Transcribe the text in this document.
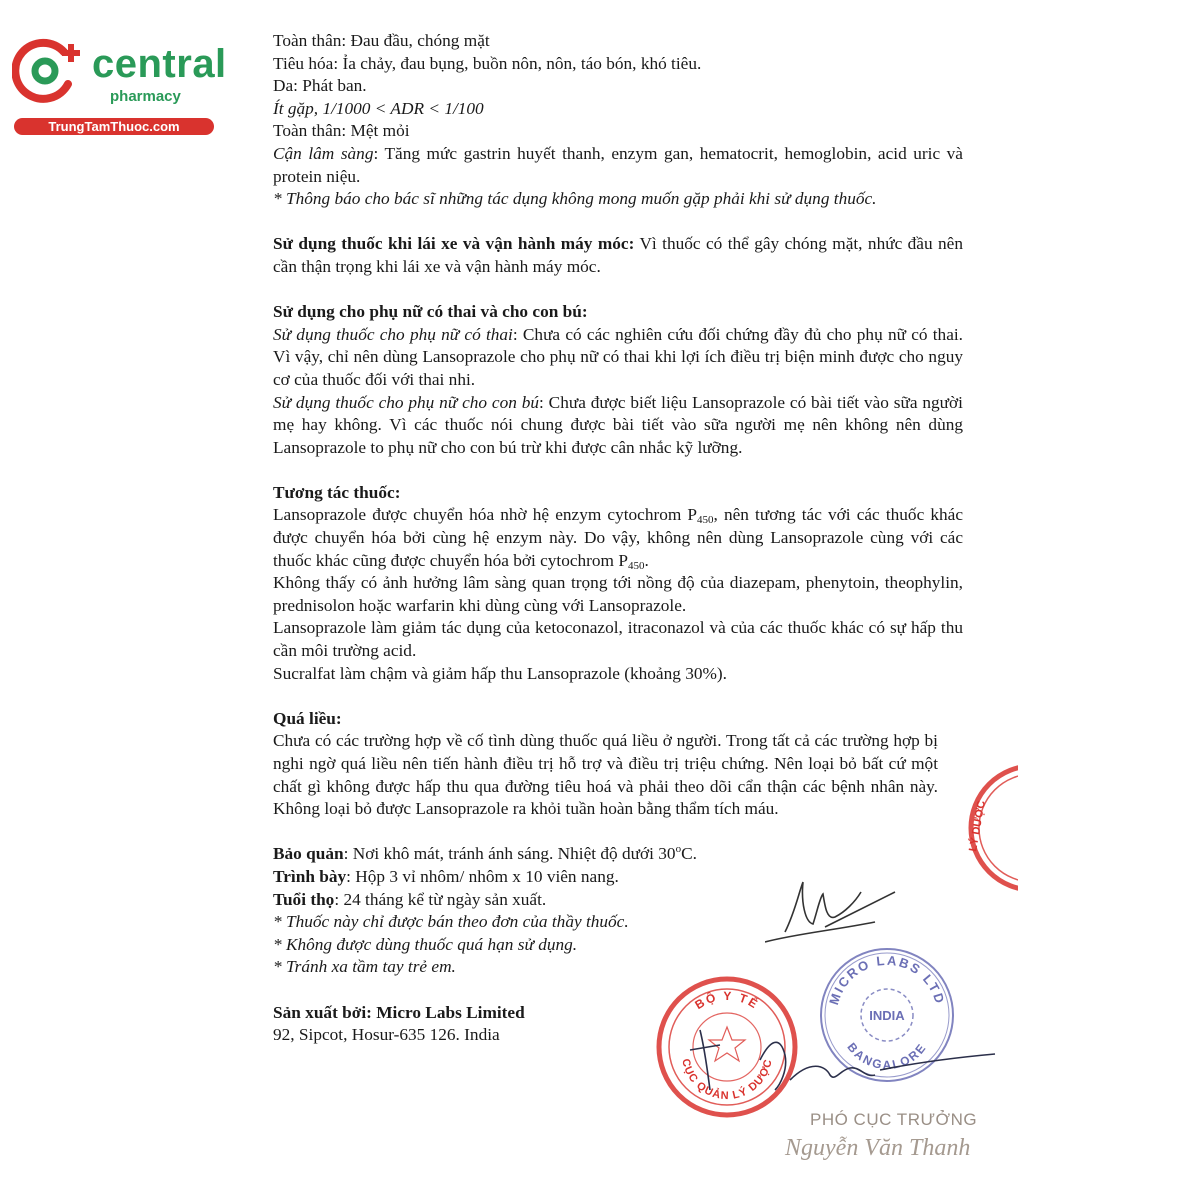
central
pharmacy
TrungTamThuoc.com

Toàn thân: Đau đầu, chóng mặt

Tiêu hóa: Ỉa chảy, đau bụng, buồn nôn, nôn, táo bón, khó tiêu.

Da: Phát ban.

Ít gặp, 1/1000 < ADR < 1/100

Toàn thân: Mệt mỏi

Cận lâm sàng: Tăng mức gastrin huyết thanh, enzym gan, hematocrit, hemoglobin, acid uric và protein niệu.

* Thông báo cho bác sĩ những tác dụng không mong muốn gặp phải khi sử dụng thuốc.

Sử dụng thuốc khi lái xe và vận hành máy móc: Vì thuốc có thể gây chóng mặt, nhức đầu nên cần thận trọng khi lái xe và vận hành máy móc.

Sử dụng cho phụ nữ có thai và cho con bú:

Sử dụng thuốc cho phụ nữ có thai: Chưa có các nghiên cứu đối chứng đầy đủ cho phụ nữ có thai. Vì vậy, chỉ nên dùng Lansoprazole cho phụ nữ có thai khi lợi ích điều trị biện minh được cho nguy cơ của thuốc đối với thai nhi.

Sử dụng thuốc cho phụ nữ cho con bú: Chưa được biết liệu Lansoprazole có bài tiết vào sữa người mẹ hay không. Vì các thuốc nói chung được bài tiết vào sữa người mẹ nên không nên dùng Lansoprazole to phụ nữ cho con bú trừ khi được cân nhắc kỹ lưỡng.

Tương tác thuốc:

Lansoprazole được chuyển hóa nhờ hệ enzym cytochrom $P_{450}$, nên tương tác với các thuốc khác được chuyển hóa bởi cùng hệ enzym này. Do vậy, không nên dùng Lansoprazole cùng với các thuốc khác cũng được chuyển hóa bởi cytochrom $P_{450}$.

Không thấy có ảnh hưởng lâm sàng quan trọng tới nồng độ của diazepam, phenytoin, theophylin, prednisolon hoặc warfarin khi dùng cùng với Lansoprazole.

Lansoprazole làm giảm tác dụng của ketoconazol, itraconazol và của các thuốc khác có sự hấp thu cần môi trường acid.

Sucralfat làm chậm và giảm hấp thu Lansoprazole (khoảng 30%).

Quá liều:

Chưa có các trường hợp về cố tình dùng thuốc quá liều ở người. Trong tất cả các trường hợp bị nghi ngờ quá liều nên tiến hành điều trị hỗ trợ và điều trị triệu chứng. Nên loại bỏ bất cứ một chất gì không được hấp thu qua đường tiêu hoá và phải theo dõi cẩn thận các bệnh nhân này. Không loại bỏ được Lansoprazole ra khỏi tuần hoàn bằng thẩm tích máu.

Bảo quản: Nơi khô mát, tránh ánh sáng. Nhiệt độ dưới 30$^o$C.

Trình bày: Hộp 3 vỉ nhôm/ nhôm x 10 viên nang.

Tuổi thọ: 24 tháng kể từ ngày sản xuất.

* Thuốc này chỉ được bán theo đơn của thầy thuốc.

* Không được dùng thuốc quá hạn sử dụng.

* Tránh xa tầm tay trẻ em.

Sản xuất bởi: Micro Labs Limited

92, Sipcot, Hosur-635 126. India

LÝ DƯỢC
BỘ Y TẾ
CỤC QUẢN LÝ DƯỢC
MICRO LABS LTD
INDIA
BANGALORE
PHÓ CỤC TRƯỞNG
Nguyễn Văn Thanh
